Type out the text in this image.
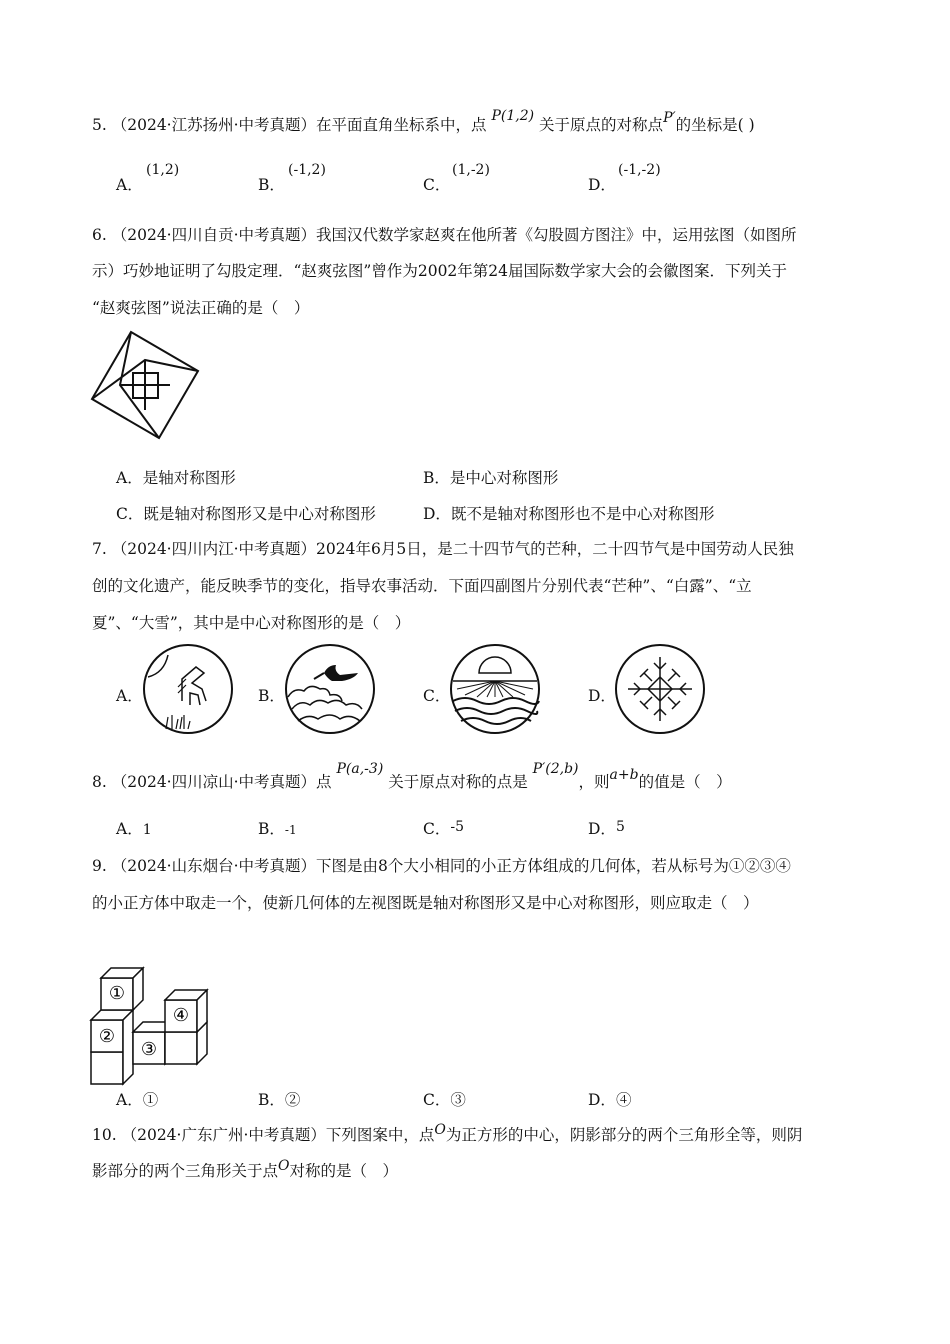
5. （2024·江苏扬州·中考真题）在平面直角坐标系中，点 P(1,2) 关于原点的对称点P′的坐标是( )
A．
(1,2)
B．
(-1,2)
C．
(1,-2)
D．
(-1,-2)
6. （2024·四川自贡·中考真题）我国汉代数学家赵爽在他所著《勾股圆方图注》中，运用弦图（如图所
示）巧妙地证明了勾股定理．“赵爽弦图”曾作为2002年第24届国际数学家大会的会徽图案．下列关于
“赵爽弦图”说法正确的是（　）
A．是轴对称图形	B．是中心对称图形
C．既是轴对称图形又是中心对称图形	D．既不是轴对称图形也不是中心对称图形
7. （2024·四川内江·中考真题）2024年6月5日，是二十四节气的芒种，二十四节气是中国劳动人民独
创的文化遗产，能反映季节的变化，指导农事活动．下面四副图片分别代表“芒种”、“白露”、“立
夏”、“大雪”，其中是中心对称图形的是（　）
A．	B．	C．	D．
8. （2024·四川凉山·中考真题）点 P(a,-3) 关于原点对称的点是 P′(2,b)，则a+b的值是（　）
A．1	B．-1	C．-5	D．5
9. （2024·山东烟台·中考真题）下图是由8个大小相同的小正方体组成的几何体，若从标号为①②③④
的小正方体中取走一个，使新几何体的左视图既是轴对称图形又是中心对称图形，则应取走（　）
①
②
③
④
A．①	B．②	C．③	D．④
10. （2024·广东广州·中考真题）下列图案中，点O为正方形的中心，阴影部分的两个三角形全等，则阴
影部分的两个三角形关于点O对称的是（　）
